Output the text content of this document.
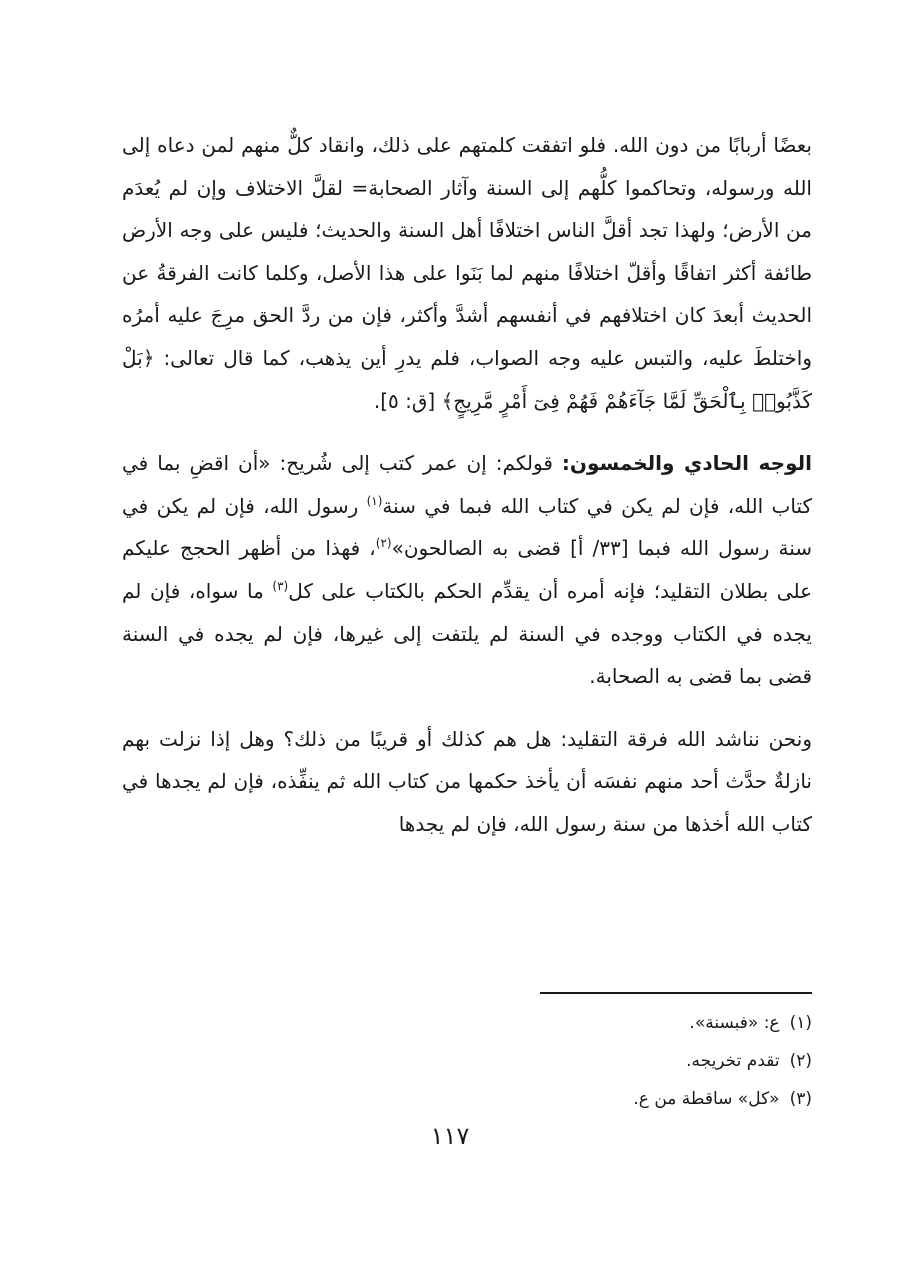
بعضًا أربابًا من دون الله. فلو اتفقت كلمتهم على ذلك، وانقاد كلٌّ منهم لمن دعاه إلى الله ورسوله، وتحاكموا كلُّهم إلى السنة وآثار الصحابة= لقلَّ الاختلاف وإن لم يُعدَم من الأرض؛ ولهذا تجد أقلَّ الناس اختلافًا أهل السنة والحديث؛ فليس على وجه الأرض طائفة أكثر اتفاقًا وأقلّ اختلافًا منهم لما بَنَوا على هذا الأصل، وكلما كانت الفرقةُ عن الحديث أبعدَ كان اختلافهم في أنفسهم أشدَّ وأكثر، فإن من ردَّ الحق مرِجَ عليه أمرُه واختلطَ عليه، والتبس عليه وجه الصواب، فلم يدرِ أين يذهب، كما قال تعالى: ﴿بَلْ كَذَّبُوا۟ بِٱلْحَقِّ لَمَّا جَآءَهُمْ فَهُمْ فِىٓ أَمْرٍ مَّرِيجٍ﴾ [ق: ٥].

الوجه الحادي والخمسون: قولكم: إن عمر كتب إلى شُريح: «أن اقضِ بما في كتاب الله، فإن لم يكن في كتاب الله فبما في سنة$^{(١)}$ رسول الله، فإن لم يكن في سنة رسول الله فبما [٣٣/ أ] قضى به الصالحون»$^{(٢)}$، فهذا من أظهر الحجج عليكم على بطلان التقليد؛ فإنه أمره أن يقدِّم الحكم بالكتاب على كل$^{(٣)}$ ما سواه، فإن لم يجده في الكتاب ووجده في السنة لم يلتفت إلى غيرها، فإن لم يجده في السنة قضى بما قضى به الصحابة.

ونحن نناشد الله فرقة التقليد: هل هم كذلك أو قريبًا من ذلك؟ وهل إذا نزلت بهم نازلةٌ حدَّث أحد منهم نفسَه أن يأخذ حكمها من كتاب الله ثم ينفِّذه، فإن لم يجدها في كتاب الله أخذها من سنة رسول الله، فإن لم يجدها

(١)ع: «فبسنة».
(٢)تقدم تخريجه.
(٣)«كل» ساقطة من ع.
١١٧
